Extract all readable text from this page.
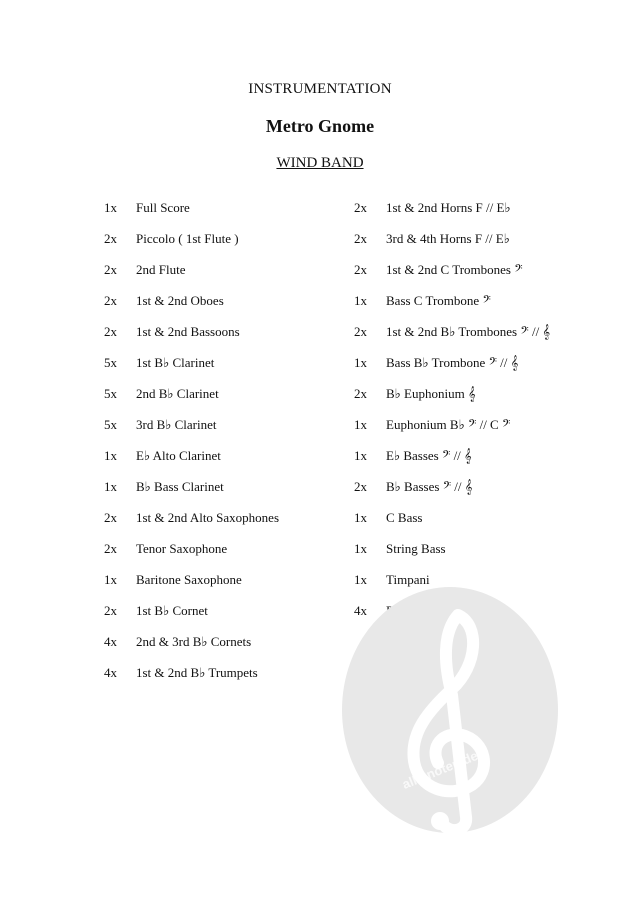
INSTRUMENTATION
Metro Gnome
WIND BAND
1x Full Score
2x Piccolo ( 1st Flute )
2x 2nd Flute
2x 1st & 2nd Oboes
2x 1st & 2nd Bassoons
5x 1st B♭ Clarinet
5x 2nd B♭ Clarinet
5x 3rd B♭ Clarinet
1x E♭ Alto Clarinet
1x B♭ Bass Clarinet
2x 1st & 2nd Alto Saxophones
2x Tenor Saxophone
1x Baritone Saxophone
2x 1st B♭ Cornet
4x 2nd & 3rd B♭ Cornets
4x 1st & 2nd B♭ Trumpets
2x 1st & 2nd Horns F // E♭
2x 3rd & 4th Horns F // E♭
2x 1st & 2nd C Trombones 𝄢
1x Bass C Trombone 𝄢
2x 1st & 2nd B♭ Trombones 𝄢 // 𝄞
1x Bass B♭ Trombone 𝄢 // 𝄞
2x B♭ Euphonium 𝄞
1x Euphonium B♭ 𝄢 // C 𝄢
1x E♭ Basses 𝄢 // 𝄞
2x B♭ Basses 𝄢 // 𝄞
1x C Bass
1x String Bass
1x Timpani
4x
alle-noten.de
